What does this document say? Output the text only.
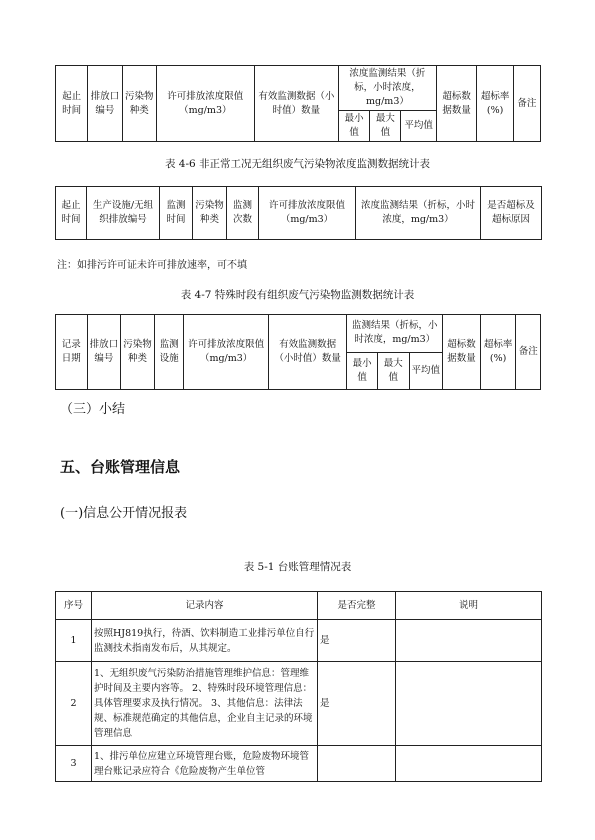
起止时间	排放口编号	污染物种类	许可排放浓度限值（mg/m3）	有效监测数据（小时值）数量	浓度监测结果（折标，小时浓度，mg/m3）			超标数据数量	超标率(%)	备注
					最小值	最大值	平均值			
表 4-6 非正常工况无组织废气污染物浓度监测数据统计表
起止时间	生产设施/无组织排放编号	监测时间	污染物种类	监测次数	许可排放浓度限值（mg/m3）	浓度监测结果（折标，小时浓度，mg/m3）	是否超标及超标原因
注：如排污许可证未许可排放速率，可不填
表 4-7 特殊时段有组织废气污染物监测数据统计表
记录日期	排放口编号	污染物种类	监测设施	许可排放浓度限值（mg/m3）	有效监测数据（小时值）数量	监测结果（折标，小时浓度，mg/m3）			超标数据数量	超标率(%)	备注
						最小值	最大值	平均值			
（三）小结
五、台账管理信息
(一)信息公开情况报表
表 5-1 台账管理情况表
序号	记录内容	是否完整	说明
1	按照HJ819执行，待酒、饮料制造工业排污单位自行监测技术指南发布后，从其规定。	是	
2	1、无组织废气污染防治措施管理维护信息：管理维护时间及主要内容等。 2、特殊时段环境管理信息：具体管理要求及执行情况。 3、其他信息：法律法规、标准规范确定的其他信息，企业自主记录的环境管理信息	是	
3	1、排污单位应建立环境管理台账，危险废物环境管理台账记录应符合《危险废物产生单位管		
